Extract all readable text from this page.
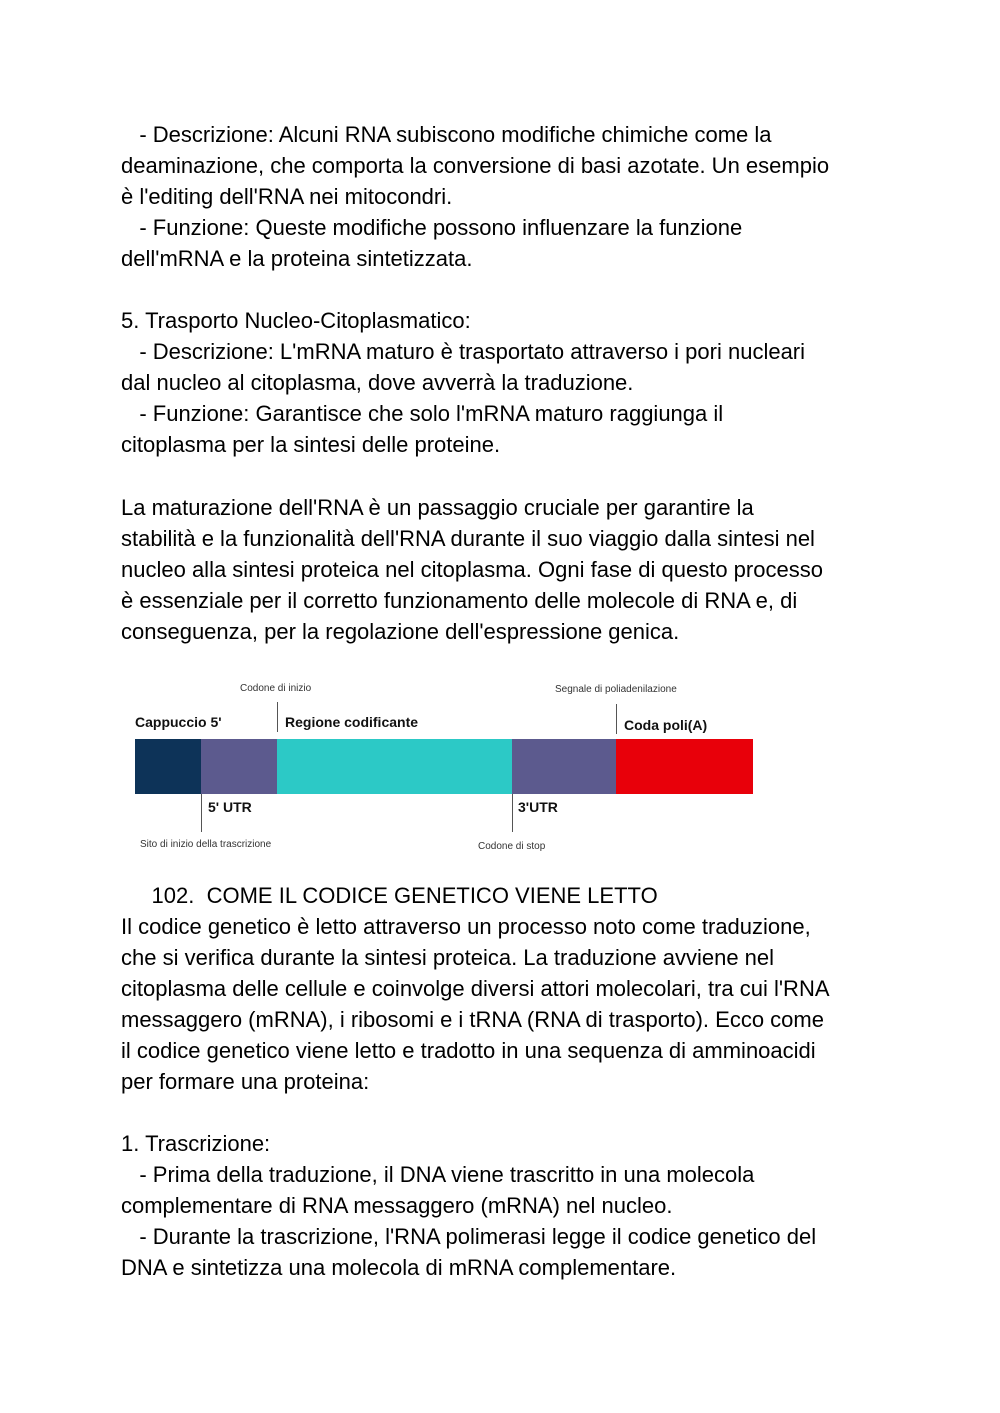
- Descrizione: Alcuni RNA subiscono modifiche chimiche come la
deaminazione, che comporta la conversione di basi azotate. Un esempio
è l'editing dell'RNA nei mitocondri.
- Funzione: Queste modifiche possono influenzare la funzione
dell'mRNA e la proteina sintetizzata.
5. Trasporto Nucleo-Citoplasmatico:
- Descrizione: L'mRNA maturo è trasportato attraverso i pori nucleari
dal nucleo al citoplasma, dove avverrà la traduzione.
- Funzione: Garantisce che solo l'mRNA maturo raggiunga il
citoplasma per la sintesi delle proteine.
La maturazione dell'RNA è un passaggio cruciale per garantire la
stabilità e la funzionalità dell'RNA durante il suo viaggio dalla sintesi nel
nucleo alla sintesi proteica nel citoplasma. Ogni fase di questo processo
è essenziale per il corretto funzionamento delle molecole di RNA e, di
conseguenza, per la regolazione dell'espressione genica.
Codone di inizio	Segnale di poliadenilazione
Cappuccio 5'	Regione codificante	Coda poli(A)
5' UTR	3'UTR
Sito di inizio della trascrizione	Codone di stop
102.  COME IL CODICE GENETICO VIENE LETTO
Il codice genetico è letto attraverso un processo noto come traduzione,
che si verifica durante la sintesi proteica. La traduzione avviene nel
citoplasma delle cellule e coinvolge diversi attori molecolari, tra cui l'RNA
messaggero (mRNA), i ribosomi e i tRNA (RNA di trasporto). Ecco come
il codice genetico viene letto e tradotto in una sequenza di amminoacidi
per formare una proteina:
1. Trascrizione:
- Prima della traduzione, il DNA viene trascritto in una molecola
complementare di RNA messaggero (mRNA) nel nucleo.
- Durante la trascrizione, l'RNA polimerasi legge il codice genetico del
DNA e sintetizza una molecola di mRNA complementare.
